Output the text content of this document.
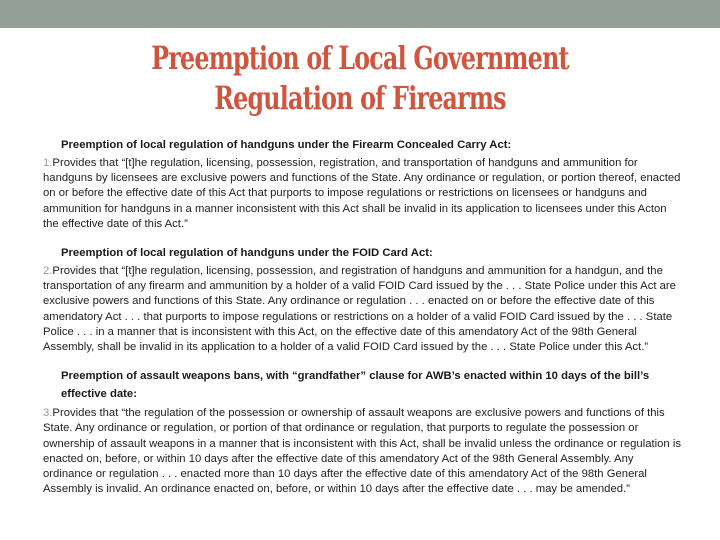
Preemption of Local Government
Regulation of Firearms
Preemption of local regulation of handguns under the Firearm Concealed Carry Act:
1.Provides that “[t]he regulation, licensing, possession, registration, and transportation of handguns and ammunition for handguns by licensees are exclusive powers and functions of the State. Any ordinance or regulation, or portion thereof, enacted on or before the effective date of this Act that purports to impose regulations or restrictions on licensees or handguns and ammunition for handguns in a manner inconsistent with this Act shall be invalid in its application to licensees under this Acton the effective date of this Act.”
Preemption of local regulation of handguns under the FOID Card Act:
2.Provides that “[t]he regulation, licensing, possession, and registration of handguns and ammunition for a handgun, and the transportation of any firearm and ammunition by a holder of a valid FOID Card issued by the . . . State Police under this Act are exclusive powers and functions of this State. Any ordinance or regulation . . . enacted on or before the effective date of this amendatory Act . . . that purports to impose regulations or restrictions on a holder of a valid FOID Card issued by the . . . State Police . . . in a manner that is inconsistent with this Act, on the effective date of this amendatory Act of the 98th General Assembly, shall be invalid in its application to a holder of a valid FOID Card issued by the . . . State Police under this Act.”
Preemption of assault weapons bans, with “grandfather” clause for AWB’s enacted within 10 days of the bill’s effective date:
3.Provides that “the regulation of the possession or ownership of assault weapons are exclusive powers and functions of this State. Any ordinance or regulation, or portion of that ordinance or regulation, that purports to regulate the possession or ownership of assault weapons in a manner that is inconsistent with this Act, shall be invalid unless the ordinance or regulation is enacted on, before, or within 10 days after the effective date of this amendatory Act of the 98th General Assembly. Any ordinance or regulation . . . enacted more than 10 days after the effective date of this amendatory Act of the 98th General Assembly is invalid. An ordinance enacted on, before, or within 10 days after the effective date . . . may be amended.”
